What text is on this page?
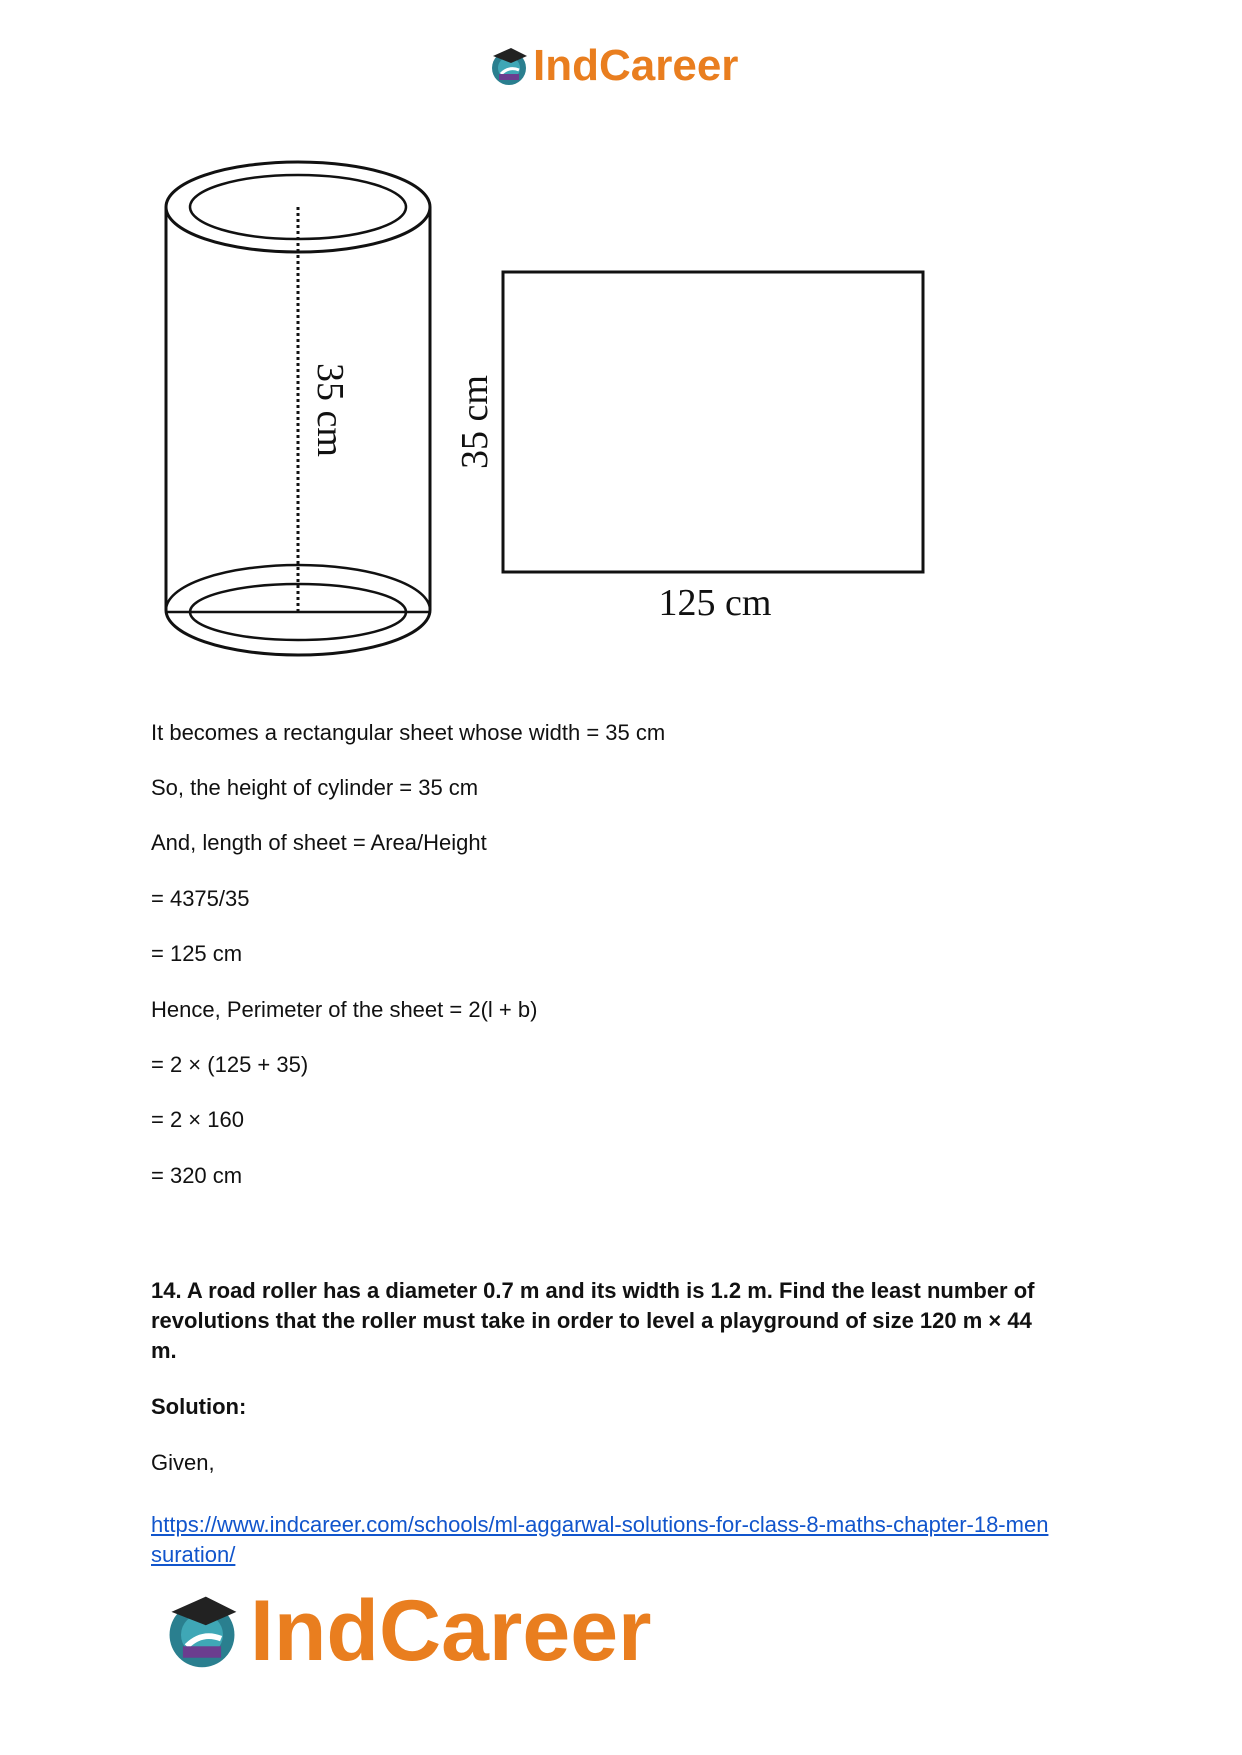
IndCareer
35 cm	35 cm
125 cm
It becomes a rectangular sheet whose width = 35 cm
So, the height of cylinder = 35 cm
And, length of sheet = Area/Height
= 4375/35
= 125 cm
Hence, Perimeter of the sheet = 2(l + b)
= 2 × (125 + 35)
= 2 × 160
= 320 cm
14. A road roller has a diameter 0.7 m and its width is 1.2 m. Find the least number of
revolutions that the roller must take in order to level a playground of size 120 m × 44
m.
Solution:
Given,
https://www.indcareer.com/schools/ml-aggarwal-solutions-for-class-8-maths-chapter-18-men
suration/
IndCareer
